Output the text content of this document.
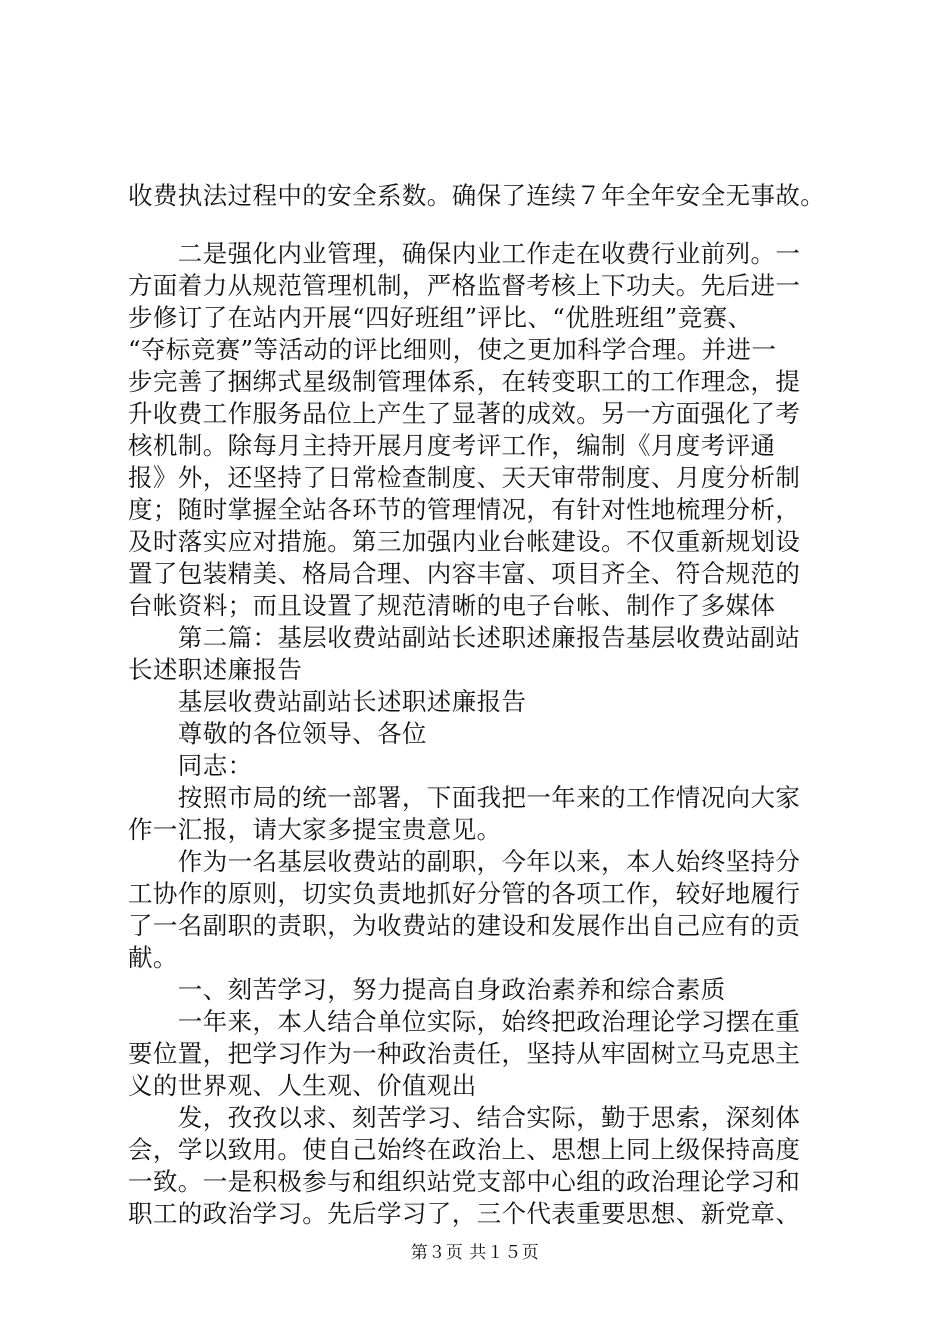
收费执法过程中的安全系数。确保了连续７年全年安全无事故。
　　二是强化内业管理，确保内业工作走在收费行业前列。一
方面着力从规范管理机制，严格监督考核上下功夫。先后进一
步修订了在站内开展“四好班组”评比、“优胜班组”竞赛、
“夺标竞赛”等活动的评比细则，使之更加科学合理。并进一
步完善了捆绑式星级制管理体系，在转变职工的工作理念，提
升收费工作服务品位上产生了显著的成效。另一方面强化了考
核机制。除每月主持开展月度考评工作，编制《月度考评通
报》外，还坚持了日常检查制度、天天审带制度、月度分析制
度；随时掌握全站各环节的管理情况，有针对性地梳理分析，
及时落实应对措施。第三加强内业台帐建设。不仅重新规划设
置了包装精美、格局合理、内容丰富、项目齐全、符合规范的
台帐资料；而且设置了规范清晰的电子台帐、制作了多媒体
　　第二篇：基层收费站副站长述职述廉报告基层收费站副站
长述职述廉报告
　　基层收费站副站长述职述廉报告
　　尊敬的各位领导、各位
　　同志：
　　按照市局的统一部署，下面我把一年来的工作情况向大家
作一汇报，请大家多提宝贵意见。
　　作为一名基层收费站的副职，今年以来，本人始终坚持分
工协作的原则，切实负责地抓好分管的各项工作，较好地履行
了一名副职的责职，为收费站的建设和发展作出自己应有的贡
献。
　　一、刻苦学习，努力提高自身政治素养和综合素质
　　一年来，本人结合单位实际，始终把政治理论学习摆在重
要位置，把学习作为一种政治责任，坚持从牢固树立马克思主
义的世界观、人生观、价值观出
　　发，孜孜以求、刻苦学习、结合实际，勤于思索，深刻体
会，学以致用。使自己始终在政治上、思想上同上级保持高度
一致。一是积极参与和组织站党支部中心组的政治理论学习和
职工的政治学习。先后学习了，三个代表重要思想、新党章、
第３页 共１５页
